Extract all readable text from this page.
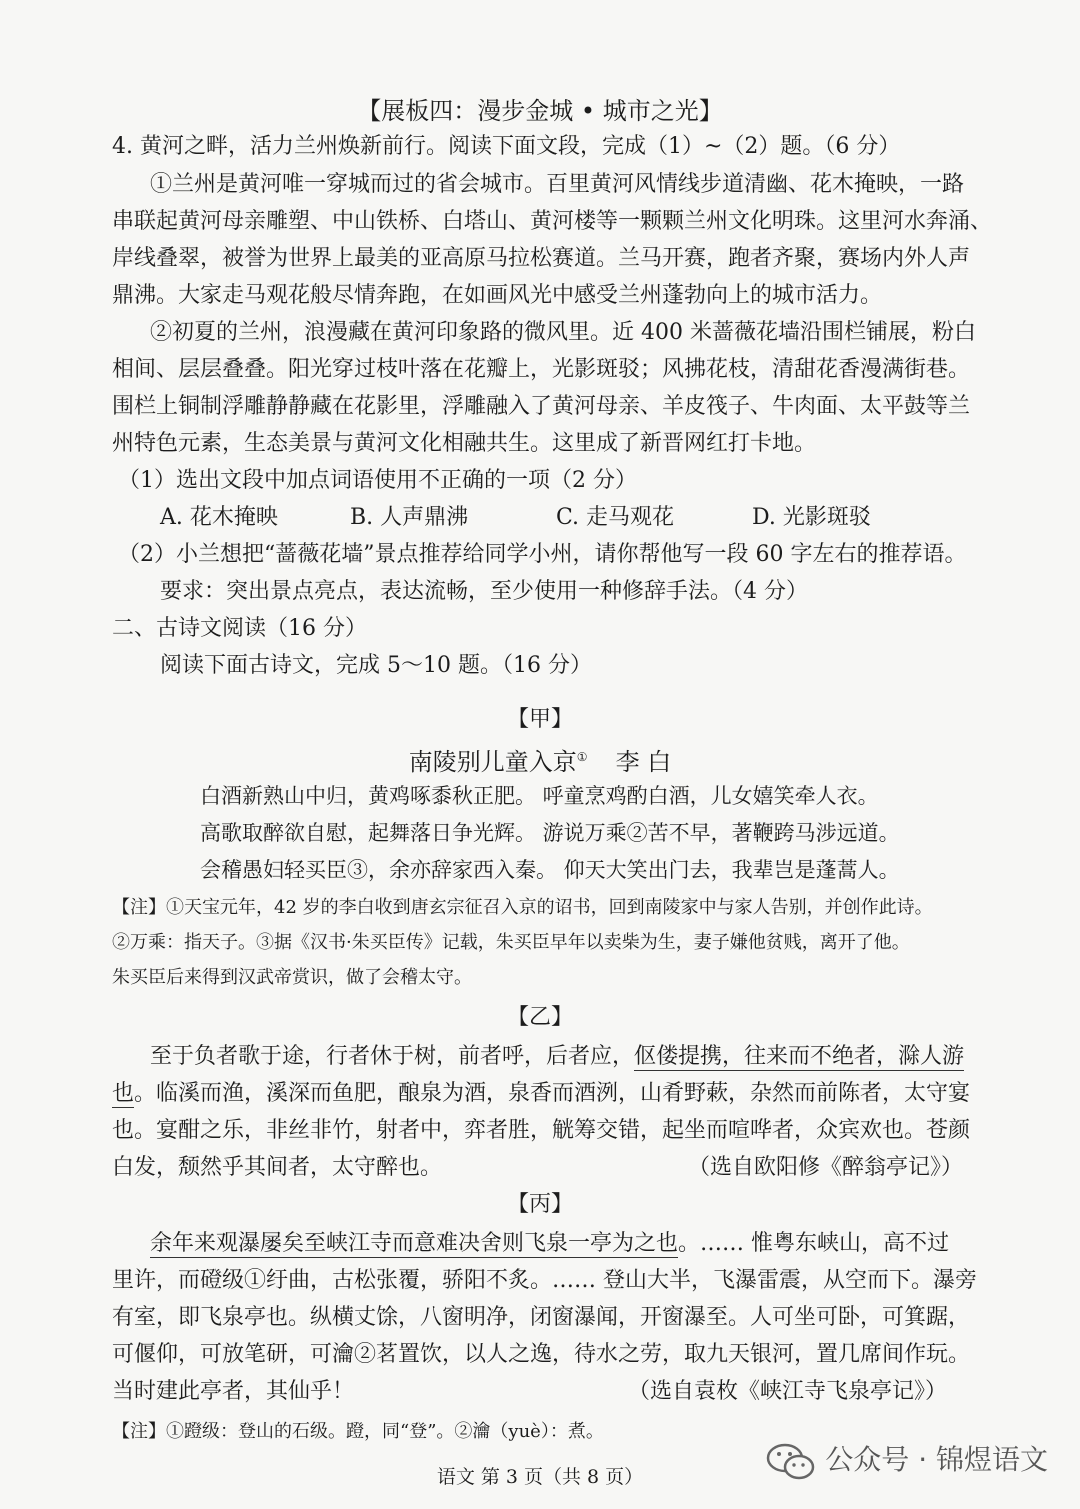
【展板四：漫步金城 • 城市之光】
4. 黄河之畔，活力兰州焕新前行。阅读下面文段，完成（1）~（2）题。（6 分）
①兰州是黄河唯一穿城而过的省会城市。百里黄河风情线步道清幽、花木掩映，一路
串联起黄河母亲雕塑、中山铁桥、白塔山、黄河楼等一颗颗兰州文化明珠。这里河水奔涌、
岸线叠翠，被誉为世界上最美的亚高原马拉松赛道。兰马开赛，跑者齐聚，赛场内外人声
鼎沸。大家走马观花般尽情奔跑，在如画风光中感受兰州蓬勃向上的城市活力。
②初夏的兰州，浪漫藏在黄河印象路的微风里。近 400 米蔷薇花墙沿围栏铺展，粉白
相间、层层叠叠。阳光穿过枝叶落在花瓣上，光影斑驳；风拂花枝，清甜花香漫满街巷。
围栏上铜制浮雕静静藏在花影里，浮雕融入了黄河母亲、羊皮筏子、牛肉面、太平鼓等兰
州特色元素，生态美景与黄河文化相融共生。这里成了新晋网红打卡地。
（1）选出文段中加点词语使用不正确的一项（2 分）
A. 花木掩映	B. 人声鼎沸	C. 走马观花	D. 光影斑驳
（2）小兰想把“蔷薇花墙”景点推荐给同学小州，请你帮他写一段 60 字左右的推荐语。
要求：突出景点亮点，表达流畅，至少使用一种修辞手法。（4 分）
二、古诗文阅读（16 分）
阅读下面古诗文，完成 5～10 题。（16 分）
【甲】
南陵别儿童入京① 李 白
白酒新熟山中归，黄鸡啄黍秋正肥。 呼童烹鸡酌白酒，儿女嬉笑牵人衣。
高歌取醉欲自慰，起舞落日争光辉。 游说万乘②苦不早，著鞭跨马涉远道。
会稽愚妇轻买臣③，余亦辞家西入秦。 仰天大笑出门去，我辈岂是蓬蒿人。
【注】①天宝元年，42 岁的李白收到唐玄宗征召入京的诏书，回到南陵家中与家人告别，并创作此诗。
②万乘：指天子。③据《汉书·朱买臣传》记载，朱买臣早年以卖柴为生，妻子嫌他贫贱，离开了他。
朱买臣后来得到汉武帝赏识，做了会稽太守。
【乙】
至于负者歌于途，行者休于树，前者呼，后者应，伛偻提携，往来而不绝者，滁人游
也。临溪而渔，溪深而鱼肥，酿泉为酒，泉香而酒洌，山肴野蔌，杂然而前陈者，太守宴
也。宴酣之乐，非丝非竹，射者中，弈者胜，觥筹交错，起坐而喧哗者，众宾欢也。苍颜
白发，颓然乎其间者，太守醉也。	（选自欧阳修《醉翁亭记》）
【丙】
余年来观瀑屡矣至峡江寺而意难决舍则飞泉一亭为之也。…… 惟粤东峡山，高不过
里许，而磴级①纡曲，古松张覆，骄阳不炙。…… 登山大半，飞瀑雷震，从空而下。瀑旁
有室，即飞泉亭也。纵横丈馀，八窗明净，闭窗瀑闻，开窗瀑至。人可坐可卧，可箕踞，
可偃仰，可放笔研，可瀹②茗置饮，以人之逸，待水之劳，取九天银河，置几席间作玩。
当时建此亭者，其仙乎！	（选自袁枚《峡江寺飞泉亭记》）
【注】①蹬级：登山的石级。蹬，同“登”。②瀹（yuè）：煮。
语文 第 3 页（共 8 页）
公众号 · 锦煜语文
